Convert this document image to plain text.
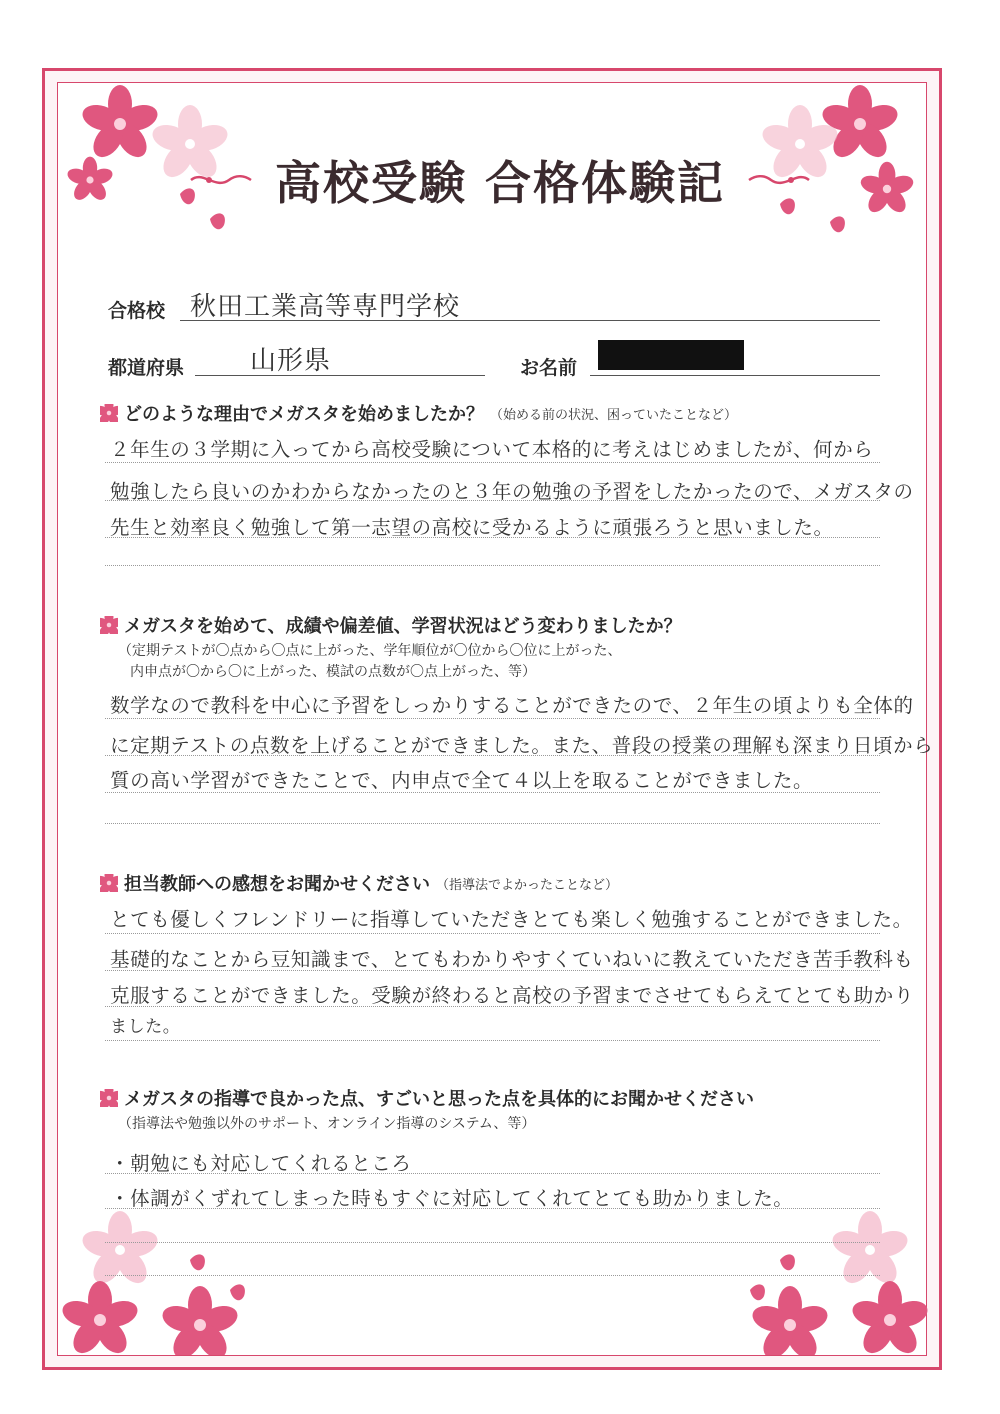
高校受験 合格体験記
合格校 秋田工業高等専門学校
都道府県	山形県	お名前
どのような理由でメガスタを始めましたか？ （始める前の状況、困っていたことなど）
２年生の３学期に入ってから高校受験について本格的に考えはじめましたが、何から
勉強したら良いのかわからなかったのと３年の勉強の予習をしたかったので、メガスタの
先生と効率良く勉強して第一志望の高校に受かるように頑張ろうと思いました。
メガスタを始めて、成績や偏差値、学習状況はどう変わりましたか？
（定期テストが〇点から〇点に上がった、学年順位が〇位から〇位に上がった、
内申点が〇から〇に上がった、模試の点数が〇点上がった、等）
数学なので教科を中心に予習をしっかりすることができたので、２年生の頃よりも全体的
に定期テストの点数を上げることができました。また、普段の授業の理解も深まり日頃から
質の高い学習ができたことで、内申点で全て４以上を取ることができました。
担当教師への感想をお聞かせください （指導法でよかったことなど）
とても優しくフレンドリーに指導していただきとても楽しく勉強することができました。
基礎的なことから豆知識まで、とてもわかりやすくていねいに教えていただき苦手教科も
克服することができました。受験が終わると高校の予習までさせてもらえてとても助かり
ました。
メガスタの指導で良かった点、すごいと思った点を具体的にお聞かせください
（指導法や勉強以外のサポート、オンライン指導のシステム、等）
・朝勉にも対応してくれるところ
・体調がくずれてしまった時もすぐに対応してくれてとても助かりました。
